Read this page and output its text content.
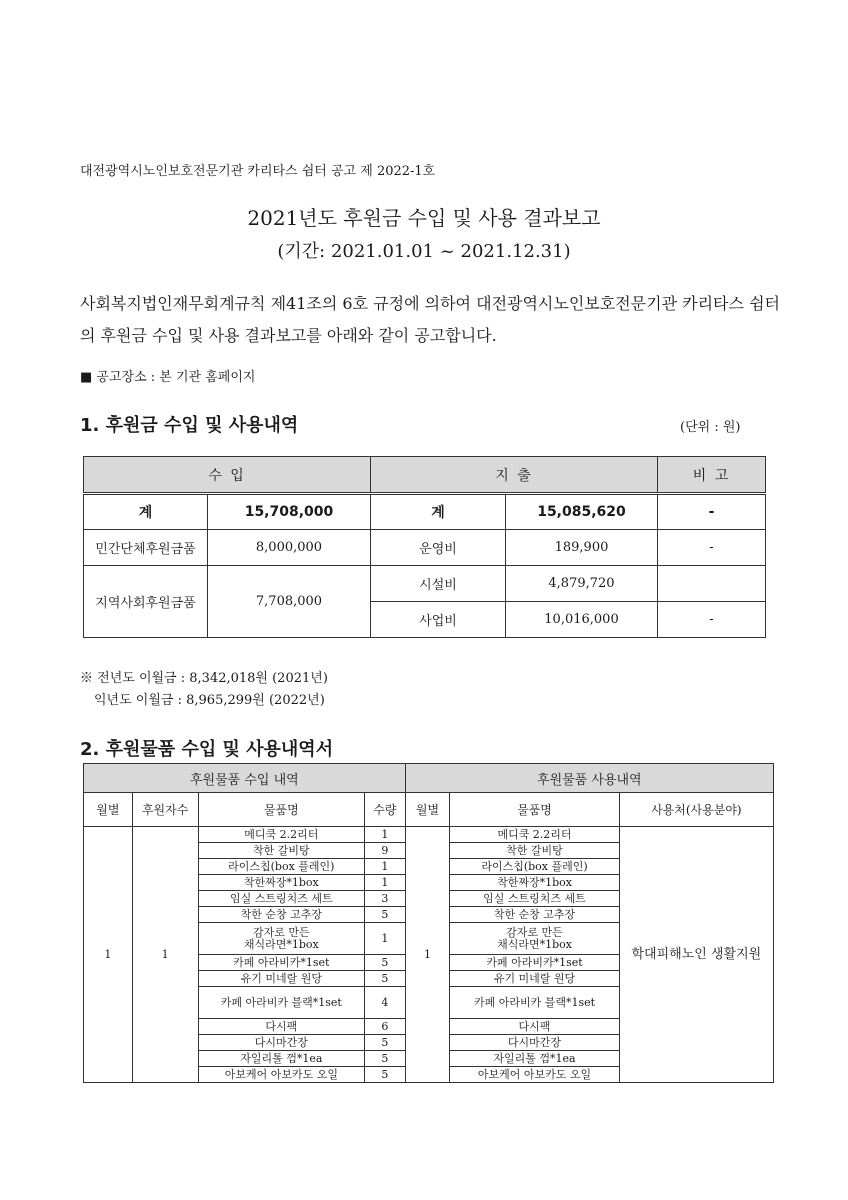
대전광역시노인보호전문기관 카리타스 쉼터 공고 제 2022-1호
2021년도 후원금 수입 및 사용 결과보고
(기간: 2021.01.01 ~ 2021.12.31)
사회복지법인재무회계규칙 제41조의 6호 규정에 의하여 대전광역시노인보호전문기관 카리타스 쉼터의 후원금 수입 및 사용 결과보고를 아래와 같이 공고합니다.
■ 공고장소 : 본 기관 홈페이지
1. 후원금 수입 및 사용내역	(단위 : 원)
수 입		지 출		비 고
계	15,708,000	계	15,085,620	-
민간단체후원금품	8,000,000	운영비	189,900	-
지역사회후원금품	7,708,000	시설비	4,879,720	
		사업비	10,016,000	-
※ 전년도 이월금 : 8,342,018원 (2021년)
익년도 이월금 : 8,965,299원 (2022년)
2. 후원물품 수입 및 사용내역서
후원물품 수입 내역				후원물품 사용내역		
월별	후원자수	물품명	수량	월별	물품명	사용처(사용분야)
1	1	메디쿡 2.2리터	1	1	메디쿡 2.2리터	학대피해노인 생활지원
		착한 갈비탕	9		착한 갈비탕	
		라이스칩(box 플레인)	1		라이스칩(box 플레인)	
		착한짜장*1box	1		착한짜장*1box	
		임실 스트링치즈 세트	3		임실 스트링치즈 세트	
		착한 순창 고추장	5		착한 순창 고추장	
		감자로 만든
채식라면*1box	1		감자로 만든
채식라면*1box	
		카페 아라비카*1set	5		카페 아라비카*1set	
		유기 미네랄 원당	5		유기 미네랄 원당	
		카페 아라비카 블랙*1set	4		카페 아라비카 블랙*1set	
		다시팩	6		다시팩	
		다시마간장	5		다시마간장	
		자일리톨 껌*1ea	5		자일리톨 껌*1ea	
		아보케어 아보카도 오일	5		아보케어 아보카도 오일	
